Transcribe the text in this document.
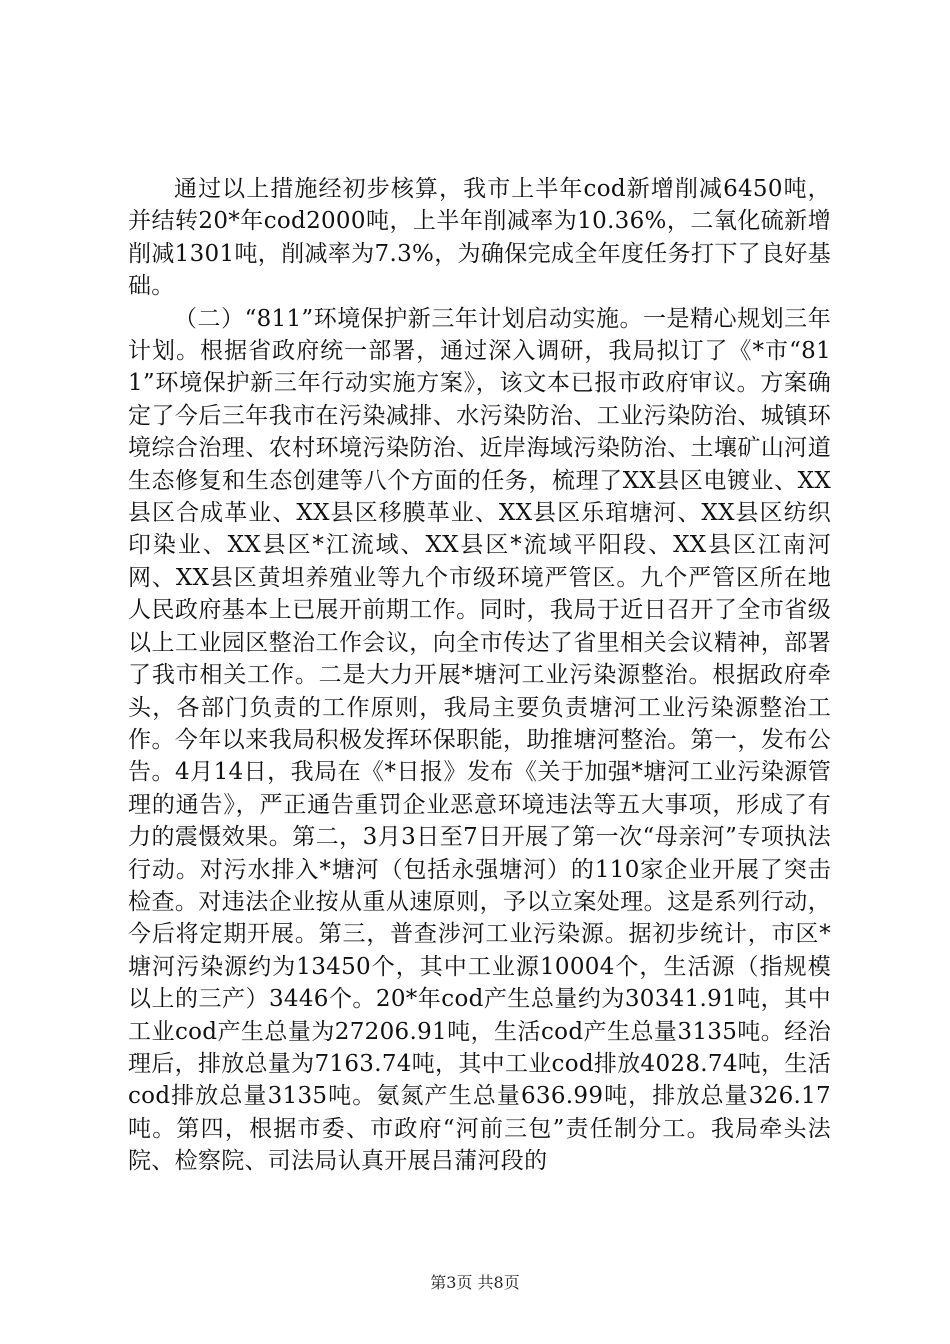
通过以上措施经初步核算，我市上半年cod新增削减6450吨，并结转20*年cod2000吨，上半年削减率为10.36%，二氧化硫新增削减1301吨，削减率为7.3%，为确保完成全年度任务打下了良好基础。

（二）“811”环境保护新三年计划启动实施。一是精心规划三年计划。根据省政府统一部署，通过深入调研，我局拟订了《*市“811”环境保护新三年行动实施方案》，该文本已报市政府审议。方案确定了今后三年我市在污染减排、水污染防治、工业污染防治、城镇环境综合治理、农村环境污染防治、近岸海域污染防治、土壤矿山河道生态修复和生态创建等八个方面的任务，梳理了XX县区电镀业、XX县区合成革业、XX县区移膜革业、XX县区乐琯塘河、XX县区纺织印染业、XX县区*江流域、XX县区*流域平阳段、XX县区江南河网、XX县区黄坦养殖业等九个市级环境严管区。九个严管区所在地人民政府基本上已展开前期工作。同时，我局于近日召开了全市省级以上工业园区整治工作会议，向全市传达了省里相关会议精神，部署了我市相关工作。二是大力开展*塘河工业污染源整治。根据政府牵头，各部门负责的工作原则，我局主要负责塘河工业污染源整治工作。今年以来我局积极发挥环保职能，助推塘河整治。第一，发布公告。4月14日，我局在《*日报》发布《关于加强*塘河工业污染源管理的通告》，严正通告重罚企业恶意环境违法等五大事项，形成了有力的震慑效果。第二，3月3日至7日开展了第一次“母亲河”专项执法行动。对污水排入*塘河（包括永强塘河）的110家企业开展了突击检查。对违法企业按从重从速原则，予以立案处理。这是系列行动，今后将定期开展。第三，普查涉河工业污染源。据初步统计，市区*塘河污染源约为13450个，其中工业源10004个，生活源（指规模以上的三产）3446个。20*年cod产生总量约为30341.91吨，其中工业cod产生总量为27206.91吨，生活cod产生总量3135吨。经治理后，排放总量为7163.74吨，其中工业cod排放4028.74吨，生活cod排放总量3135吨。氨氮产生总量636.99吨，排放总量326.17吨。第四，根据市委、市政府“河前三包”责任制分工。我局牵头法院、检察院、司法局认真开展吕蒲河段的

第3页 共8页
